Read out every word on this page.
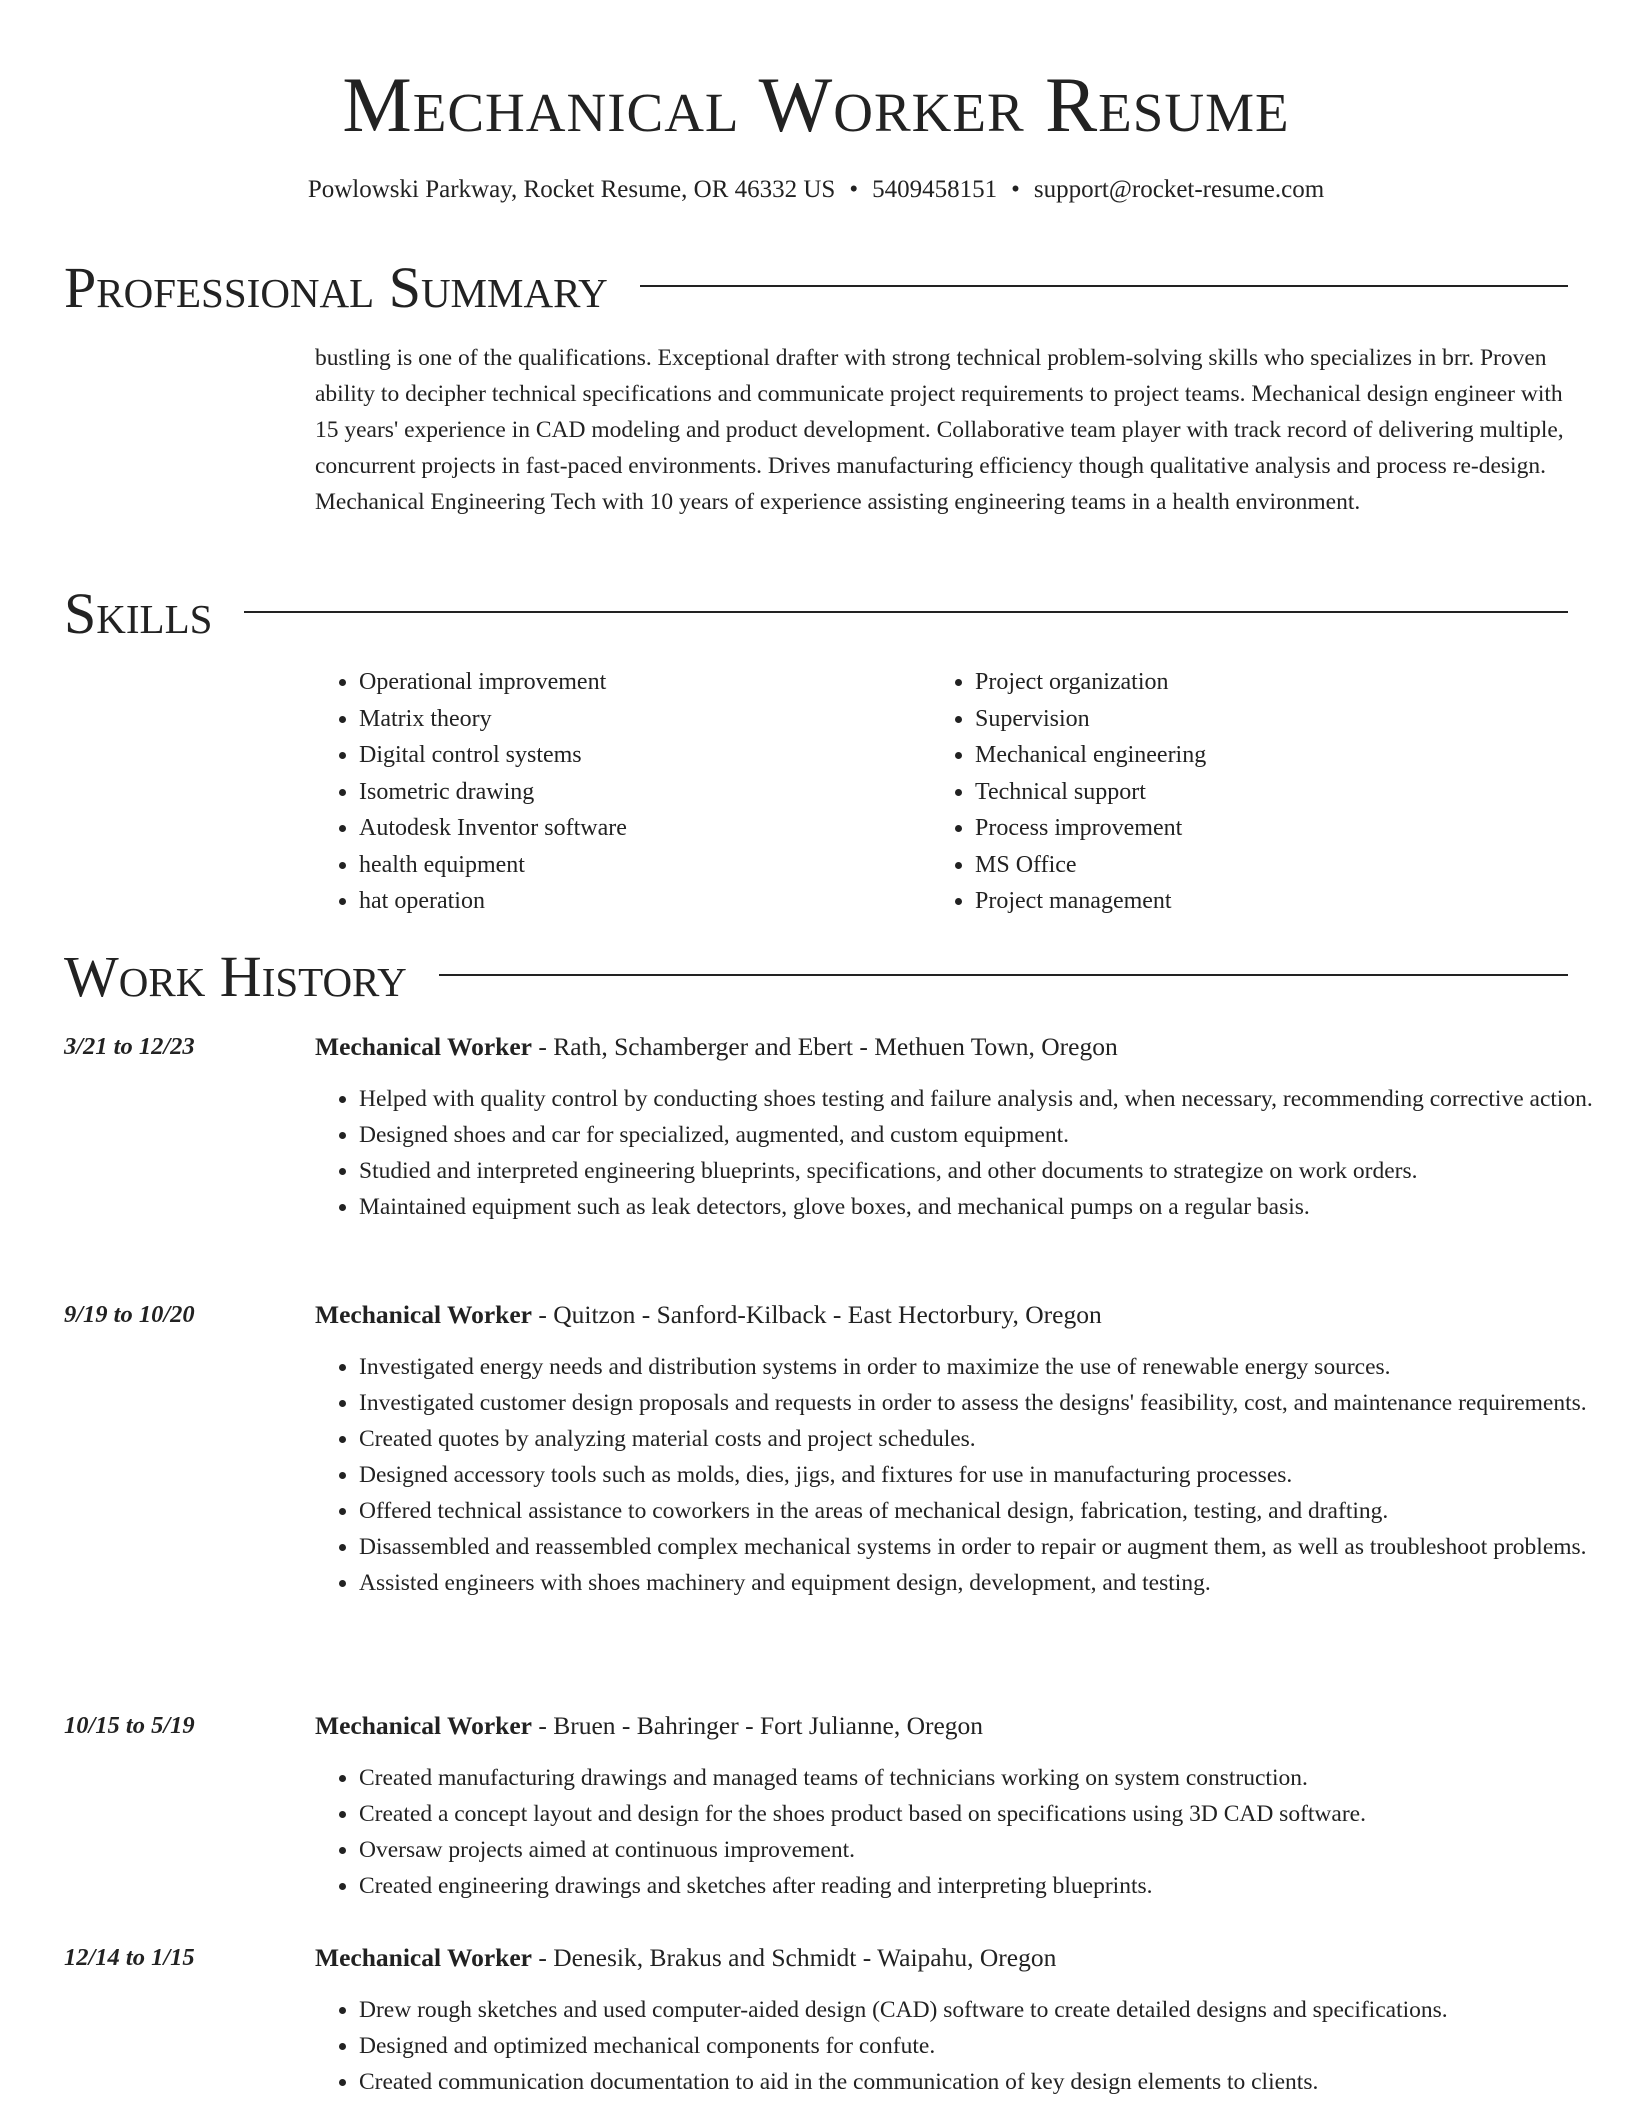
Mechanical Worker Resume
Powlowski Parkway, Rocket Resume, OR 46332 US • 5409458151 • support@rocket-resume.com
Professional Summary

bustling is one of the qualifications. Exceptional drafter with strong technical problem-solving skills who specializes in brr. Proven ability to decipher technical specifications and communicate project requirements to project teams. Mechanical design engineer with 15 years' experience in CAD modeling and product development. Collaborative team player with track record of delivering multiple, concurrent projects in fast-paced environments. Drives manufacturing efficiency though qualitative analysis and process re-design. Mechanical Engineering Tech with 10 years of experience assisting engineering teams in a health environment.

Skills
• Operational improvement
• Matrix theory
• Digital control systems
• Isometric drawing
• Autodesk Inventor software
• health equipment
• hat operation
• Project organization
• Supervision
• Mechanical engineering
• Technical support
• Process improvement
• MS Office
• Project management
Work History
3/21 to 12/23	Mechanical Worker - Rath, Schamberger and Ebert - Methuen Town, Oregon
• Helped with quality control by conducting shoes testing and failure analysis and, when necessary, recommending corrective action.
• Designed shoes and car for specialized, augmented, and custom equipment.
• Studied and interpreted engineering blueprints, specifications, and other documents to strategize on work orders.
• Maintained equipment such as leak detectors, glove boxes, and mechanical pumps on a regular basis.
9/19 to 10/20	Mechanical Worker - Quitzon - Sanford-Kilback - East Hectorbury, Oregon
• Investigated energy needs and distribution systems in order to maximize the use of renewable energy sources.
• Investigated customer design proposals and requests in order to assess the designs' feasibility, cost, and maintenance requirements.
• Created quotes by analyzing material costs and project schedules.
• Designed accessory tools such as molds, dies, jigs, and fixtures for use in manufacturing processes.
• Offered technical assistance to coworkers in the areas of mechanical design, fabrication, testing, and drafting.
• Disassembled and reassembled complex mechanical systems in order to repair or augment them, as well as troubleshoot problems.
• Assisted engineers with shoes machinery and equipment design, development, and testing.
10/15 to 5/19	Mechanical Worker - Bruen - Bahringer - Fort Julianne, Oregon
• Created manufacturing drawings and managed teams of technicians working on system construction.
• Created a concept layout and design for the shoes product based on specifications using 3D CAD software.
• Oversaw projects aimed at continuous improvement.
• Created engineering drawings and sketches after reading and interpreting blueprints.
12/14 to 1/15	Mechanical Worker - Denesik, Brakus and Schmidt - Waipahu, Oregon
• Drew rough sketches and used computer-aided design (CAD) software to create detailed designs and specifications.
• Designed and optimized mechanical components for confute.
• Created communication documentation to aid in the communication of key design elements to clients.
